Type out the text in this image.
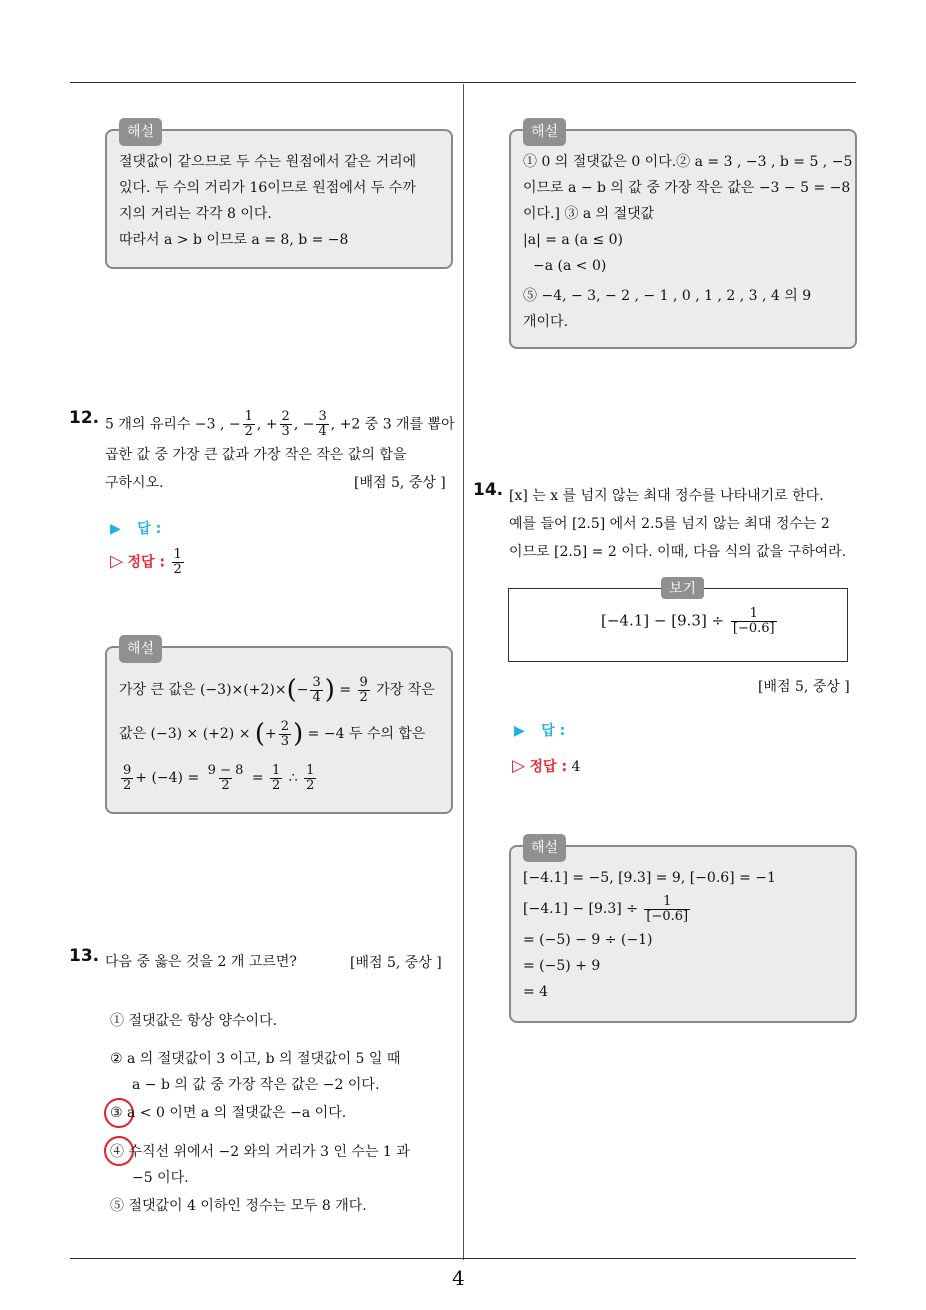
해설
절댓값이 같으므로 두 수는 원점에서 같은 거리에
있다. 두 수의 거리가 16이므로 원점에서 두 수까
지의 거리는 각각 8 이다.
따라서 a > b 이므로 a = 8, b = −8
12. 5 개의 유리수 −3 , − $\frac{1}{2}$ , + $\frac{2}{3}$ , − $\frac{3}{4}$ , +2 중 3 개를 뽑아
곱한 값 중 가장 큰 값과 가장 작은 작은 값의 합을
구하시오.	[배점 5, 중상 ]
▶ 답 :
▷ 정답 : $\frac{1}{2}$
해설
가장 큰 값은 (−3)×(+2)× ( − $\frac{3}{4}$ )
=
$\frac{9}{2}$
가장 작은
값은 (−3) × (+2) ×
( + $\frac{2}{3}$ )
= −4 두 수의 합은
$\frac{9}{2} + (-4)$ =
$\frac{9 - 8}{2}$
=
$\frac{1}{2}$
∴
$\frac{1}{2}$
13. 다음 중 옳은 것을 2 개 고르면?	[배점 5, 중상 ]
① 절댓값은 항상 양수이다.
② a 의 절댓값이 3 이고, b 의 절댓값이 5 일 때
a − b 의 값 중 가장 작은 값은 −2 이다.
③ a < 0 이면 a 의 절댓값은 −a 이다.
④ 수직선 위에서 −2 와의 거리가 3 인 수는 1 과
−5 이다.
⑤ 절댓값이 4 이하인 정수는 모두 8 개다.
해설
① 0 의 절댓값은 0 이다.② a = 3 , −3 , b = 5 , −5
이므로 a − b 의 값 중 가장 작은 값은 −3 − 5 = −8
이다.] ③ a 의 절댓값
|a| = a (a ≤ 0)
−a (a < 0)
⑤ −4, − 3, − 2 , − 1 , 0 , 1 , 2 , 3 , 4 의 9
개이다.
14. [x] 는 x 를 넘지 않는 최대 정수를 나타내기로 한다.
예를 들어 [2.5] 에서 2.5를 넘지 않는 최대 정수는 2
이므로 [2.5] = 2 이다. 이때, 다음 식의 값을 구하여라.
보기
$[-4.1] - [9.3] \div \frac{1}{[-0.6]}$
[배점 5, 중상 ]
▶ 답 :
▷ 정답 : 4
해설
[−4.1] = −5, [9.3] = 9, [−0.6] = −1
[−4.1] − [9.3] ÷
$\frac{1}{[-0.6]}$
= (−5) − 9 ÷ (−1)
= (−5) + 9
= 4
4
